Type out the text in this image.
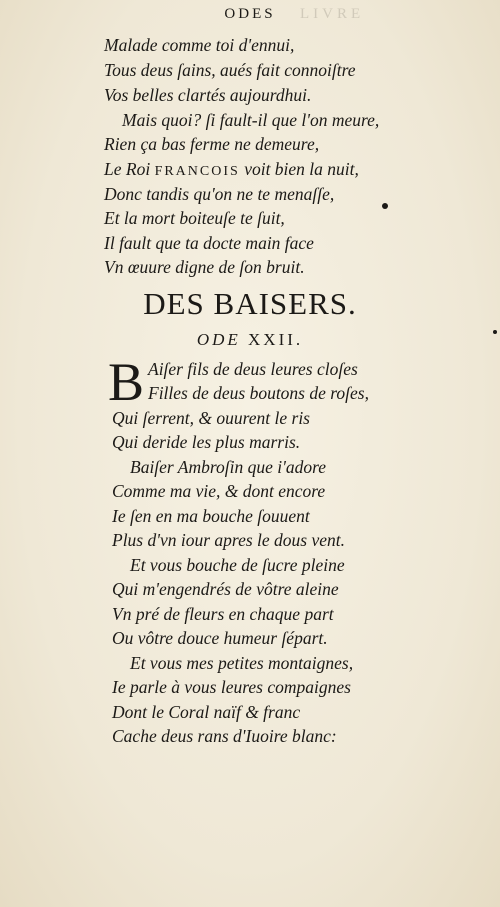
LIVRE
ODES
Malade comme toi d'ennui,
Tous deus ſains, aués fait connoiſtre
Vos belles clartés aujourdhui.
Mais quoi? ſi fault-il que l'on meure,
Rien ça bas ferme ne demeure,
Le Roi FRANCOIS voit bien la nuit,
Donc tandis qu'on ne te menaſſe,
Et la mort boiteuſe te ſuit,
Il fault que ta docte main face
Vn œuure digne de ſon bruit.
DES BAISERS.
ODE XXII.
B Aiſer fils de deus leures cloſes
Filles de deus boutons de roſes,
Qui ſerrent, & ouurent le ris
Qui deride les plus marris.
Baiſer Ambroſin que i'adore
Comme ma vie, & dont encore
Ie ſen en ma bouche ſouuent
Plus d'vn iour apres le dous vent.
Et vous bouche de ſucre pleine
Qui m'engendrés de vôtre aleine
Vn pré de fleurs en chaque part
Ou vôtre douce humeur ſépart.
Et vous mes petites montaignes,
Ie parle à vous leures compaignes
Dont le Coral naïf & franc
Cache deus rans d'Iuoire blanc:
